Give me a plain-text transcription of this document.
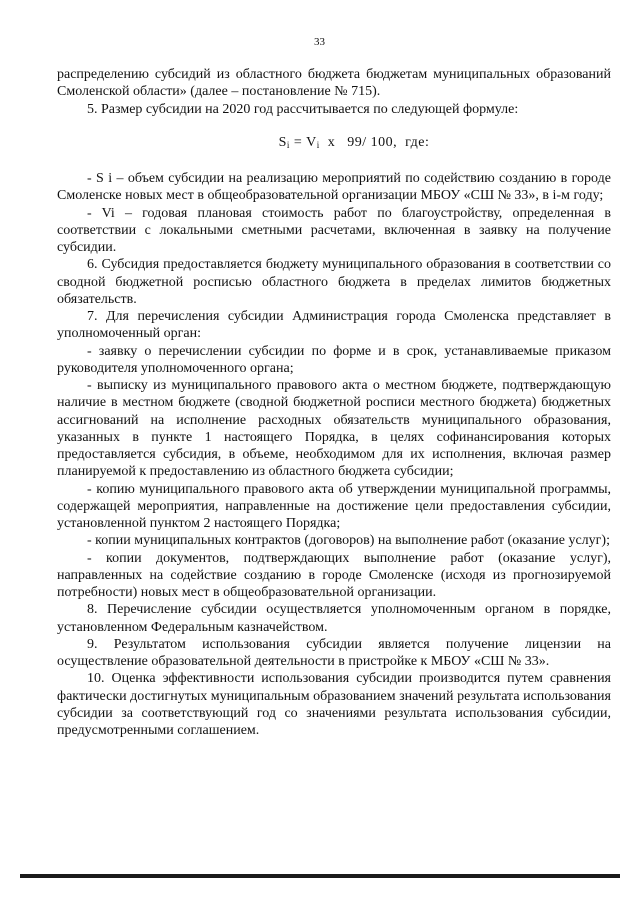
33

распределению субсидий из областного бюджета бюджетам муниципальных образований Смоленской области» (далее – постановление № 715).

5. Размер субсидии на 2020 год рассчитывается по следующей формуле:

$S_i = V_i$ x 99/ 100, где:

- S i – объем субсидии на реализацию мероприятий по содействию созданию в городе Смоленске новых мест в общеобразовательной организации МБОУ «СШ № 33», в i-м году;

- Vi – годовая плановая стоимость работ по благоустройству, определенная в соответствии с локальными сметными расчетами, включенная в заявку на получение субсидии.

6. Субсидия предоставляется бюджету муниципального образования в соответствии со сводной бюджетной росписью областного бюджета в пределах лимитов бюджетных обязательств.

7. Для перечисления субсидии Администрация города Смоленска представляет в уполномоченный орган:

- заявку о перечислении субсидии по форме и в срок, устанавливаемые приказом руководителя уполномоченного органа;

- выписку из муниципального правового акта о местном бюджете, подтверждающую наличие в местном бюджете (сводной бюджетной росписи местного бюджета) бюджетных ассигнований на исполнение расходных обязательств муниципального образования, указанных в пункте 1 настоящего Порядка, в целях софинансирования которых предоставляется субсидия, в объеме, необходимом для их исполнения, включая размер планируемой к предоставлению из областного бюджета субсидии;

- копию муниципального правового акта об утверждении муниципальной программы, содержащей мероприятия, направленные на достижение цели предоставления субсидии, установленной пунктом 2 настоящего Порядка;

- копии муниципальных контрактов (договоров) на выполнение работ (оказание услуг);

- копии документов, подтверждающих выполнение работ (оказание услуг), направленных на содействие созданию в городе Смоленске (исходя из прогнозируемой потребности) новых мест в общеобразовательной организации.

8. Перечисление субсидии осуществляется уполномоченным органом в порядке, установленном Федеральным казначейством.

9. Результатом использования субсидии является получение лицензии на осуществление образовательной деятельности в пристройке к МБОУ «СШ № 33».

10. Оценка эффективности использования субсидии производится путем сравнения фактически достигнутых муниципальным образованием значений результата использования субсидии за соответствующий год со значениями результата использования субсидии, предусмотренными соглашением.
